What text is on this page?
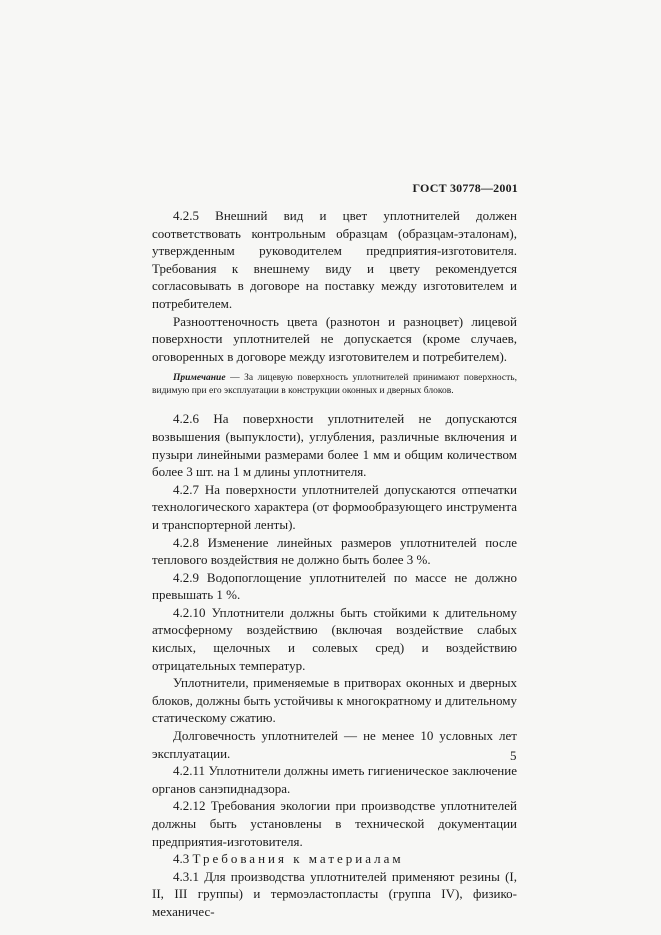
ГОСТ 30778—2001

4.2.5 Внешний вид и цвет уплотнителей должен соответствовать контрольным образцам (образцам-эталонам), утвержденным руководителем предприятия-изготовителя. Требования к внешнему виду и цвету рекомендуется согласовывать в договоре на поставку между изготовителем и потребителем.

Разнооттеночность цвета (разнотон и разноцвет) лицевой поверхности уплотнителей не допускается (кроме случаев, оговоренных в договоре между изготовителем и потребителем).

Примечание — За лицевую поверхность уплотнителей принимают поверхность, видимую при его эксплуатации в конструкции оконных и дверных блоков.

4.2.6 На поверхности уплотнителей не допускаются возвышения (выпуклости), углубления, различные включения и пузыри линейными размерами более 1 мм и общим количеством более 3 шт. на 1 м длины уплотнителя.

4.2.7 На поверхности уплотнителей допускаются отпечатки технологического характера (от формообразующего инструмента и транспортерной ленты).

4.2.8 Изменение линейных размеров уплотнителей после теплового воздействия не должно быть более 3 %.

4.2.9 Водопоглощение уплотнителей по массе не должно превышать 1 %.

4.2.10 Уплотнители должны быть стойкими к длительному атмосферному воздействию (включая воздействие слабых кислых, щелочных и солевых сред) и воздействию отрицательных температур.

Уплотнители, применяемые в притворах оконных и дверных блоков, должны быть устойчивы к многократному и длительному статическому сжатию.

Долговечность уплотнителей — не менее 10 условных лет эксплуатации.

4.2.11 Уплотнители должны иметь гигиеническое заключение органов санэпиднадзора.

4.2.12 Требования экологии при производстве уплотнителей должны быть установлены в технической документации предприятия-изготовителя.

4.3 Требования к материалам

4.3.1 Для производства уплотнителей применяют резины (I, II, III группы) и термоэластопласты (группа IV), физико-механичес-

5
